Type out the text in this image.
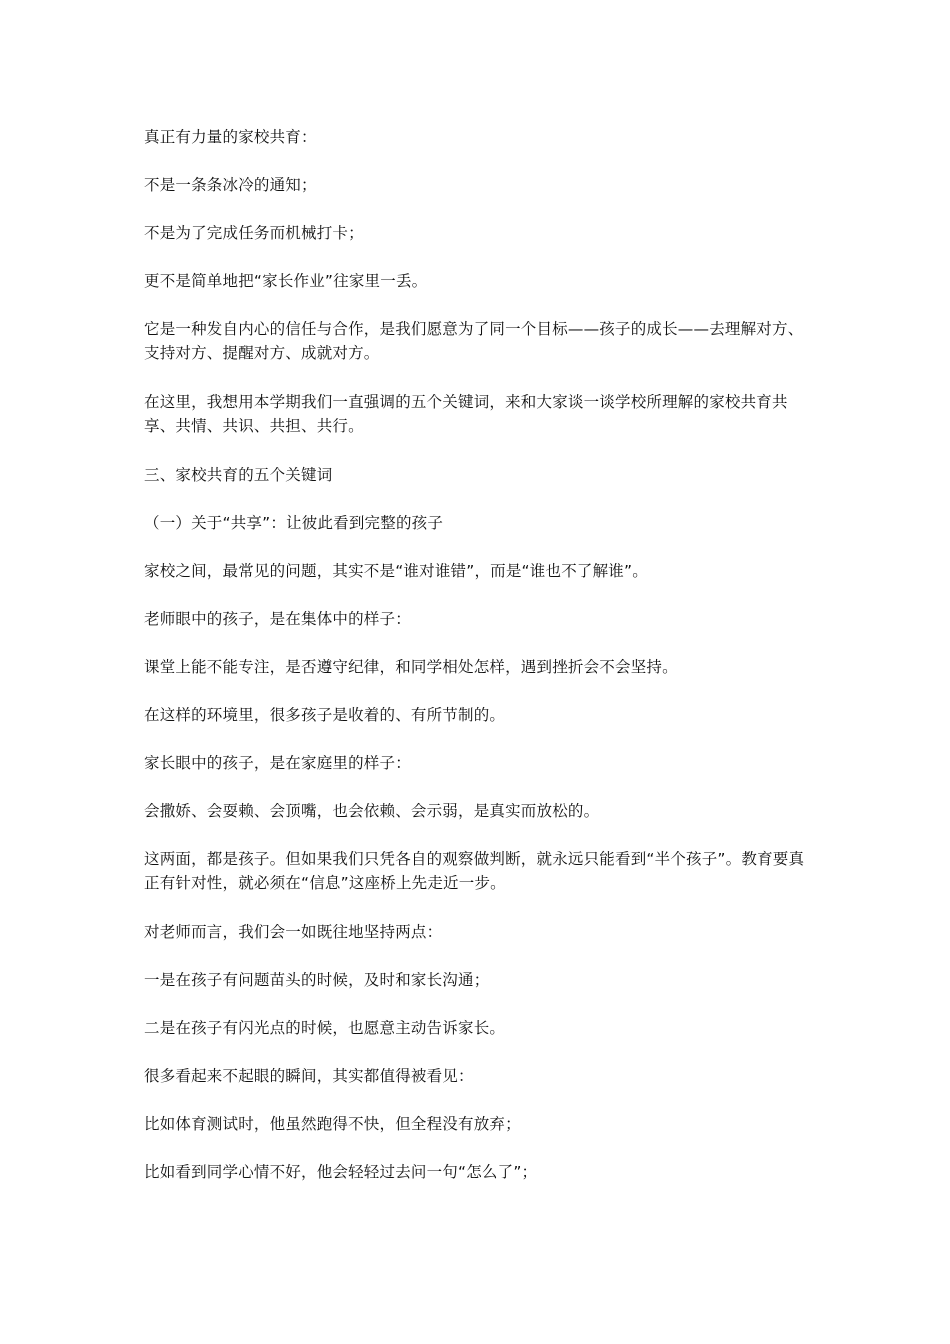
真正有力量的家校共育：

不是一条条冰冷的通知；

不是为了完成任务而机械打卡；

更不是简单地把“家长作业”往家里一丢。

它是一种发自内心的信任与合作，是我们愿意为了同一个目标——孩子的成长——去理解对方、支持对方、提醒对方、成就对方。

在这里，我想用本学期我们一直强调的五个关键词，来和大家谈一谈学校所理解的家校共育共享、共情、共识、共担、共行。

三、家校共育的五个关键词

（一）关于“共享”：让彼此看到完整的孩子

家校之间，最常见的问题，其实不是“谁对谁错”，而是“谁也不了解谁”。

老师眼中的孩子，是在集体中的样子：

课堂上能不能专注，是否遵守纪律，和同学相处怎样，遇到挫折会不会坚持。

在这样的环境里，很多孩子是收着的、有所节制的。

家长眼中的孩子，是在家庭里的样子：

会撒娇、会耍赖、会顶嘴，也会依赖、会示弱，是真实而放松的。

这两面，都是孩子。但如果我们只凭各自的观察做判断，就永远只能看到“半个孩子”。教育要真正有针对性，就必须在“信息”这座桥上先走近一步。

对老师而言，我们会一如既往地坚持两点：

一是在孩子有问题苗头的时候，及时和家长沟通；

二是在孩子有闪光点的时候，也愿意主动告诉家长。

很多看起来不起眼的瞬间，其实都值得被看见：

比如体育测试时，他虽然跑得不快，但全程没有放弃；

比如看到同学心情不好，他会轻轻过去问一句“怎么了”；
